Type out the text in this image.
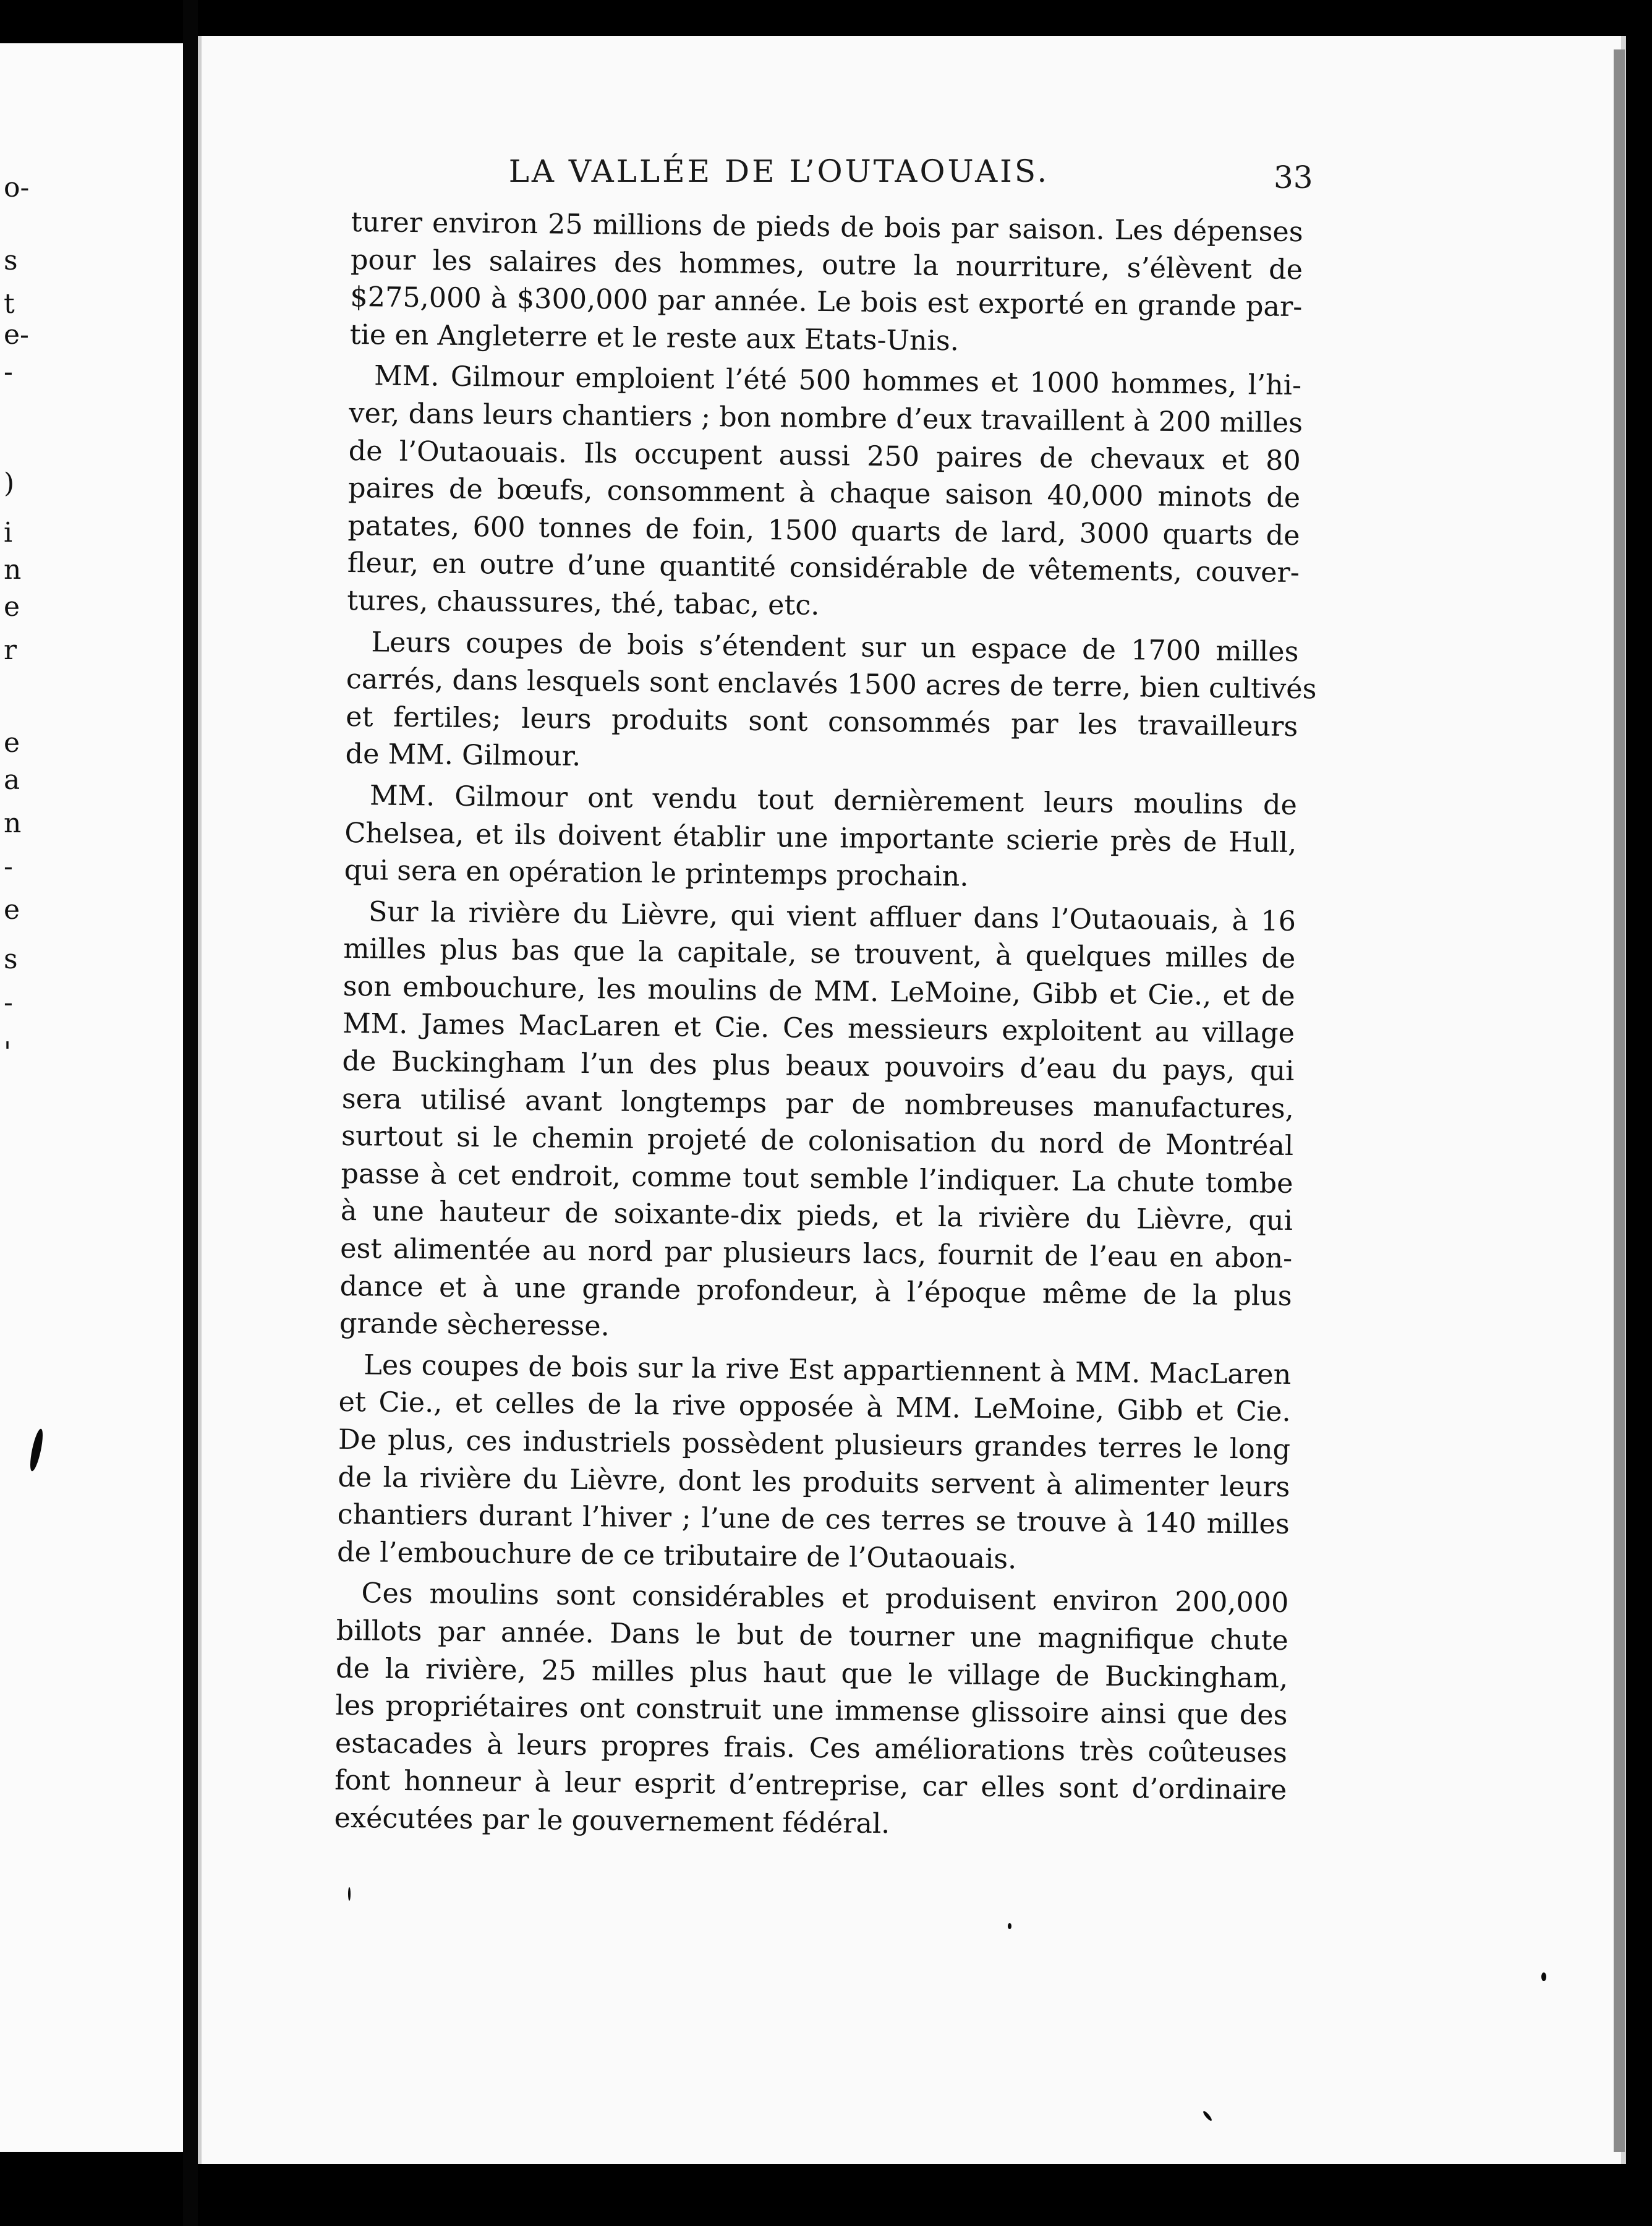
o-
s
t
e-
-
)
i
n
e
r
e
a
n
-
e
s
-
'
LA VALLÉE DE L’OUTAOUAIS.	33
turer environ 25 millions de pieds de bois par saison. Les dépenses
pour les salaires des hommes, outre la nourriture, s’élèvent de
$275,000 à $300,000 par année. Le bois est exporté en grande par-
tie en Angleterre et le reste aux Etats-Unis.
MM. Gilmour emploient l’été 500 hommes et 1000 hommes, l’hi-
ver, dans leurs chantiers ; bon nombre d’eux travaillent à 200 milles
de l’Outaouais. Ils occupent aussi 250 paires de chevaux et 80
paires de bœufs, consomment à chaque saison 40,000 minots de
patates, 600 tonnes de foin, 1500 quarts de lard, 3000 quarts de
fleur, en outre d’une quantité considérable de vêtements, couver-
tures, chaussures, thé, tabac, etc.
Leurs coupes de bois s’étendent sur un espace de 1700 milles
carrés, dans lesquels sont enclavés 1500 acres de terre, bien cultivés
et fertiles; leurs produits sont consommés par les travailleurs
de MM. Gilmour.
MM. Gilmour ont vendu tout dernièrement leurs moulins de
Chelsea, et ils doivent établir une importante scierie près de Hull,
qui sera en opération le printemps prochain.
Sur la rivière du Lièvre, qui vient affluer dans l’Outaouais, à 16
milles plus bas que la capitale, se trouvent, à quelques milles de
son embouchure, les moulins de MM. LeMoine, Gibb et Cie., et de
MM. James MacLaren et Cie. Ces messieurs exploitent au village
de Buckingham l’un des plus beaux pouvoirs d’eau du pays, qui
sera utilisé avant longtemps par de nombreuses manufactures,
surtout si le chemin projeté de colonisation du nord de Montréal
passe à cet endroit, comme tout semble l’indiquer. La chute tombe
à une hauteur de soixante-dix pieds, et la rivière du Lièvre, qui
est alimentée au nord par plusieurs lacs, fournit de l’eau en abon-
dance et à une grande profondeur, à l’époque même de la plus
grande sècheresse.
Les coupes de bois sur la rive Est appartiennent à MM. MacLaren
et Cie., et celles de la rive opposée à MM. LeMoine, Gibb et Cie.
De plus, ces industriels possèdent plusieurs grandes terres le long
de la rivière du Lièvre, dont les produits servent à alimenter leurs
chantiers durant l’hiver ; l’une de ces terres se trouve à 140 milles
de l’embouchure de ce tributaire de l’Outaouais.
Ces moulins sont considérables et produisent environ 200,000
billots par année. Dans le but de tourner une magnifique chute
de la rivière, 25 milles plus haut que le village de Buckingham,
les propriétaires ont construit une immense glissoire ainsi que des
estacades à leurs propres frais. Ces améliorations très coûteuses
font honneur à leur esprit d’entreprise, car elles sont d’ordinaire
exécutées par le gouvernement fédéral.
